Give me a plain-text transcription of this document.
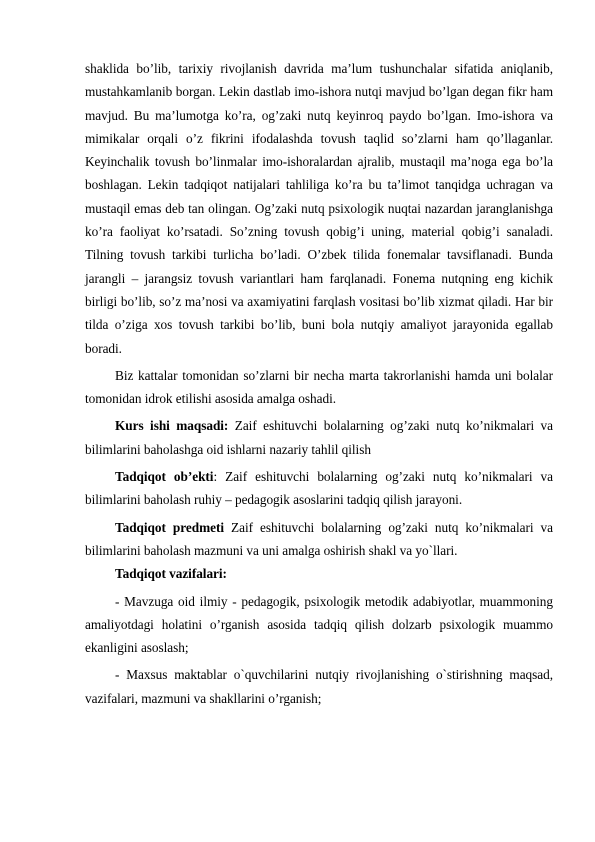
shaklida bo’lib, tarixiy rivojlanish davrida ma’lum tushunchalar sifatida aniqlanib, mustahkamlanib borgan. Lekin dastlab imo-ishora nutqi mavjud bo’lgan degan fikr ham mavjud. Bu ma’lumotga ko’ra, og’zaki nutq keyinroq paydo bo’lgan. Imo-ishora va mimikalar orqali o’z fikrini ifodalashda tovush taqlid so’zlarni ham qo’llaganlar. Keyinchalik tovush bo’linmalar imo-ishoralardan ajralib, mustaqil ma’noga ega bo’la boshlagan. Lekin tadqiqot natijalari tahliliga ko’ra bu ta’limot tanqidga uchragan va mustaqil emas deb tan olingan. Og’zaki nutq psixologik nuqtai nazardan jaranglanishga ko’ra faoliyat ko’rsatadi. So’zning tovush qobig’i uning, material qobig’i sanaladi. Tilning tovush tarkibi turlicha bo’ladi. O’zbek tilida fonemalar tavsiflanadi. Bunda jarangli – jarangsiz tovush variantlari ham farqlanadi. Fonema nutqning eng kichik birligi bo’lib, so’z ma’nosi va axamiyatini farqlash vositasi bo’lib xizmat qiladi. Har bir tilda o’ziga xos tovush tarkibi bo’lib, buni bola nutqiy amaliyot jarayonida egallab boradi.

Biz kattalar tomonidan so’zlarni bir necha marta takrorlanishi hamda uni bolalar tomonidan idrok etilishi asosida amalga oshadi.

Kurs ishi maqsadi: Zaif eshituvchi bolalarning og’zaki nutq ko’nikmalari va bilimlarini baholashga oid ishlarni nazariy tahlil qilish

Tadqiqot ob’ekti: Zaif eshituvchi bolalarning og’zaki nutq ko’nikmalari va bilimlarini baholash ruhiy – pedagogik asoslarini tadqiq qilish jarayoni.

Tadqiqot predmeti Zaif eshituvchi bolalarning og’zaki nutq ko’nikmalari va bilimlarini baholash mazmuni va uni amalga oshirish shakl va yo`llari.

Tadqiqot vazifalari:

- Mavzuga oid ilmiy - pedagogik, psixologik metodik adabiyotlar, muammoning amaliyotdagi holatini o’rganish asosida tadqiq qilish dolzarb psixologik muammo ekanligini asoslash;

- Maxsus maktablar o`quvchilarini nutqiy rivojlanishing o`stirishning maqsad, vazifalari, mazmuni va shakllarini o’rganish;
